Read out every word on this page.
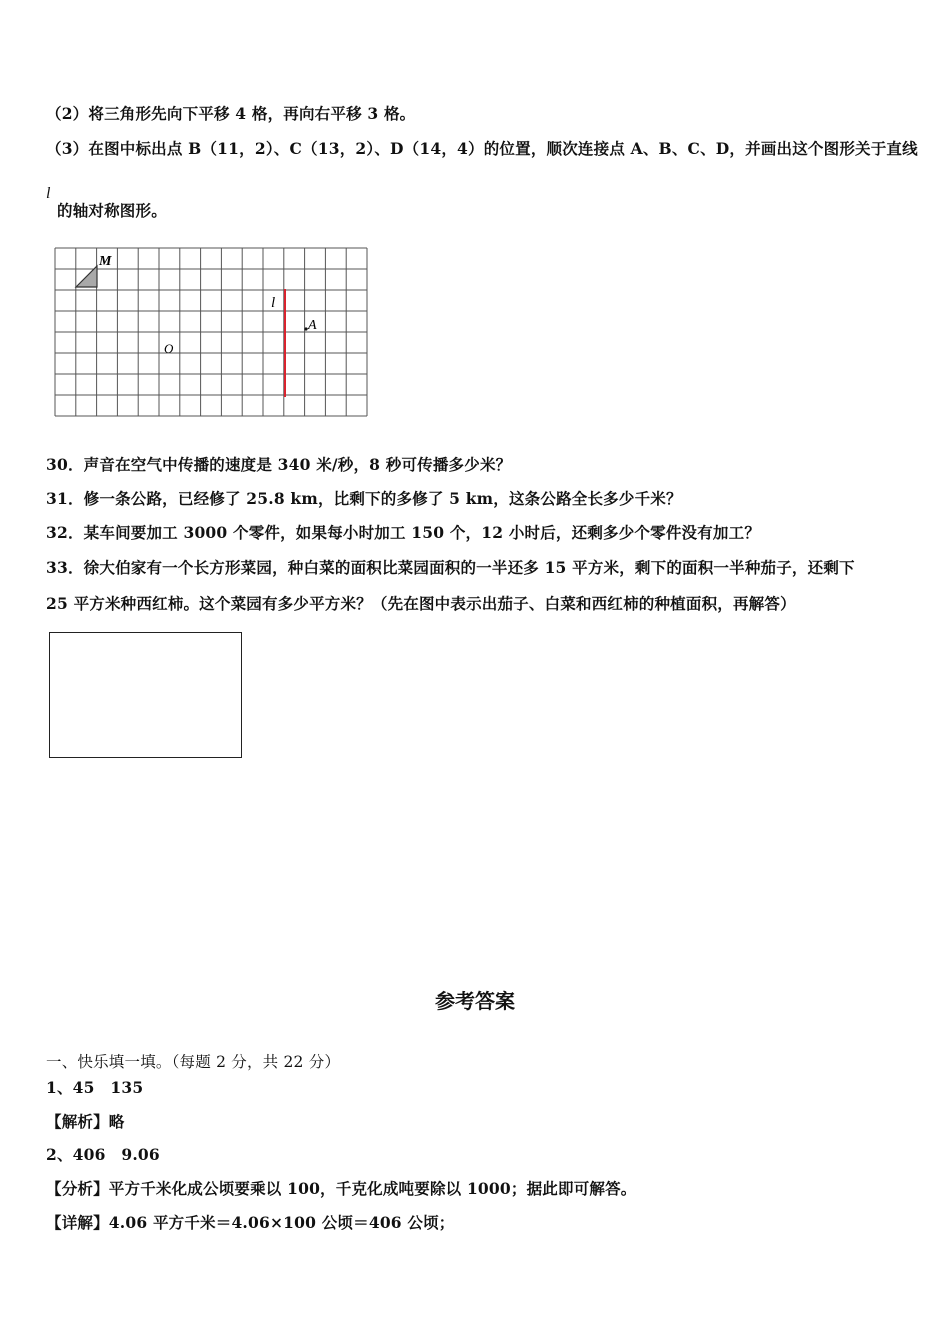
（2）将三角形先向下平移 4 格，再向右平移 3 格。
（3）在图中标出点 B（11，2）、C（13，2）、D（14，4）的位置，顺次连接点 A、B、C、D，并画出这个图形关于直线
l
的轴对称图形。
M
l
A
O
30．声音在空气中传播的速度是 340 米/秒，8 秒可传播多少米？
31．修一条公路，已经修了 25.8 km，比剩下的多修了 5 km，这条公路全长多少千米？
32．某车间要加工 3000 个零件，如果每小时加工 150 个，12 小时后，还剩多少个零件没有加工？
33．徐大伯家有一个长方形菜园，种白菜的面积比菜园面积的一半还多 15 平方米，剩下的面积一半种茄子，还剩下
25 平方米种西红柿。这个菜园有多少平方米？（先在图中表示出茄子、白菜和西红柿的种植面积，再解答）
参考答案
一、快乐填一填。（每题 2 分，共 22 分）
1、45　135
【解析】略
2、406　9.06
【分析】平方千米化成公顷要乘以 100，千克化成吨要除以 1000；据此即可解答。
【详解】4.06 平方千米＝4.06×100 公顷＝406 公顷；
